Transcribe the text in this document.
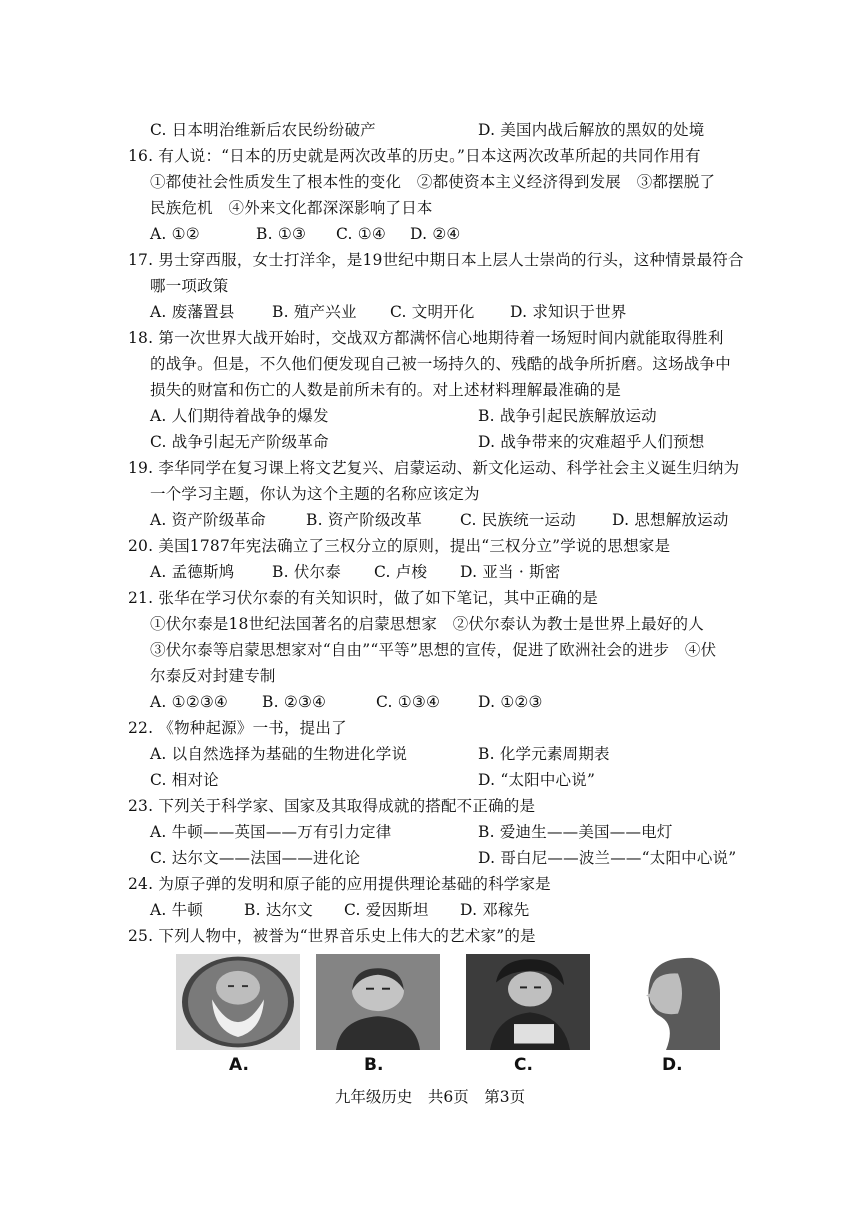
C. 日本明治维新后农民纷纷破产	D. 美国内战后解放的黑奴的处境
16. 有人说：“日本的历史就是两次改革的历史。”日本这两次改革所起的共同作用有
①都使社会性质发生了根本性的变化　②都使资本主义经济得到发展　③都摆脱了
民族危机　④外来文化都深深影响了日本
A. ①②	B. ①③ C. ①④ D. ②④
17. 男士穿西服，女士打洋伞，是19世纪中期日本上层人士崇尚的行头，这种情景最符合
哪一项政策
A. 废藩置县 B. 殖产兴业 C. 文明开化 D. 求知识于世界
18. 第一次世界大战开始时，交战双方都满怀信心地期待着一场短时间内就能取得胜利
的战争。但是，不久他们便发现自己被一场持久的、残酷的战争所折磨。这场战争中
损失的财富和伤亡的人数是前所未有的。对上述材料理解最准确的是
A. 人们期待着战争的爆发	B. 战争引起民族解放运动
C. 战争引起无产阶级革命	D. 战争带来的灾难超乎人们预想
19. 李华同学在复习课上将文艺复兴、启蒙运动、新文化运动、科学社会主义诞生归纳为
一个学习主题，你认为这个主题的名称应该定为
A. 资产阶级革命	B. 资产阶级改革 C. 民族统一运动 D. 思想解放运动
20. 美国1787年宪法确立了三权分立的原则，提出“三权分立”学说的思想家是
A. 孟德斯鸠 B. 伏尔泰 C. 卢梭 D. 亚当 · 斯密
21. 张华在学习伏尔泰的有关知识时，做了如下笔记，其中正确的是
①伏尔泰是18世纪法国著名的启蒙思想家　②伏尔泰认为教士是世界上最好的人
③伏尔泰等启蒙思想家对“自由”“平等”思想的宣传，促进了欧洲社会的进步　④伏
尔泰反对封建专制
A. ①②③④ B. ②③④	C. ①③④ D. ①②③
22. 《物种起源》一书，提出了
A. 以自然选择为基础的生物进化学说	B. 化学元素周期表
C. 相对论	D. “太阳中心说”
23. 下列关于科学家、国家及其取得成就的搭配不正确的是
A. 牛顿——英国——万有引力定律	B. 爱迪生——美国——电灯
C. 达尔文——法国——进化论	D. 哥白尼——波兰——“太阳中心说”
24. 为原子弹的发明和原子能的应用提供理论基础的科学家是
A. 牛顿	B. 达尔文 C. 爱因斯坦 D. 邓稼先
25. 下列人物中，被誉为“世界音乐史上伟大的艺术家”的是
A.	B.	C.	D.
九年级历史　共6页　第3页
